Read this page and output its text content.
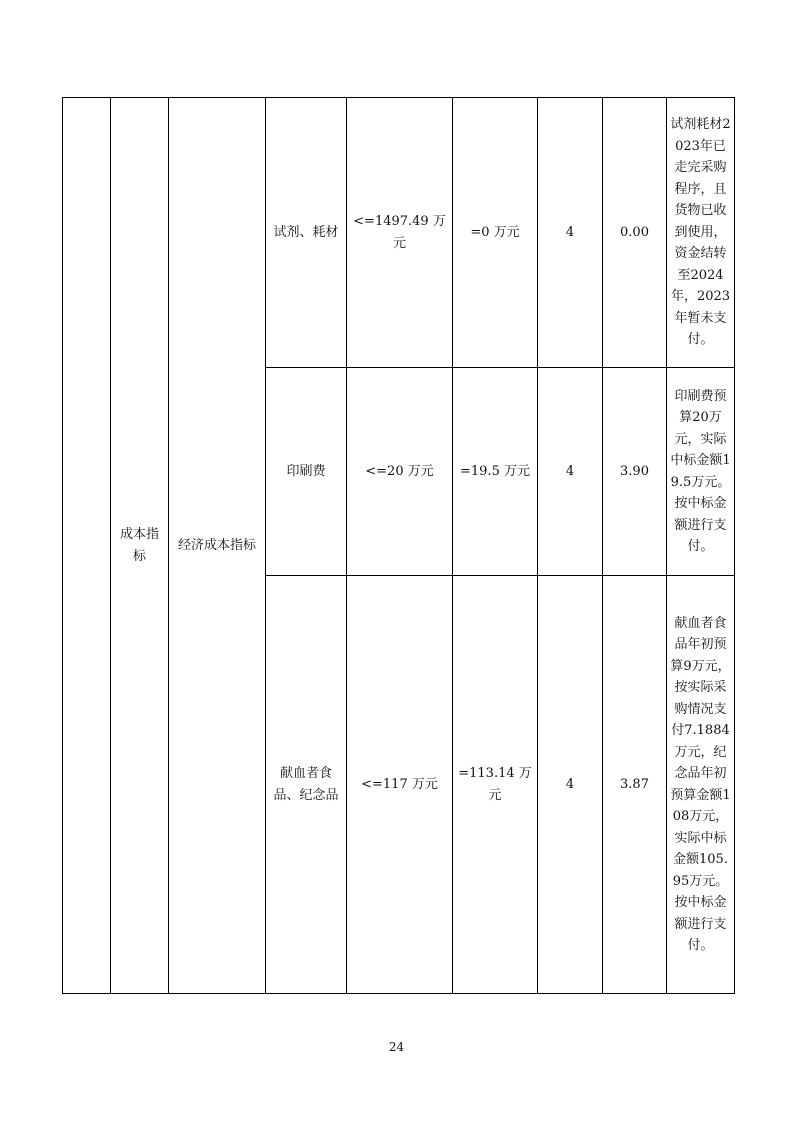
	成本指标	经济成本指标	试剂、耗材	<=1497.49 万元	=0 万元	4	0.00	试剂耗材2023年已走完采购程序，且货物已收到使用，资金结转至2024年，2023年暂未支付。
			印刷费	<=20 万元	=19.5 万元	4	3.90	印刷费预算20万元，实际中标金额19.5万元。按中标金额进行支付。
			献血者食品、纪念品	<=117 万元	=113.14 万元	4	3.87	献血者食品年初预算9万元，按实际采购情况支付7.1884万元，纪念品年初预算金额108万元，实际中标金额105.95万元。按中标金额进行支付。
24
